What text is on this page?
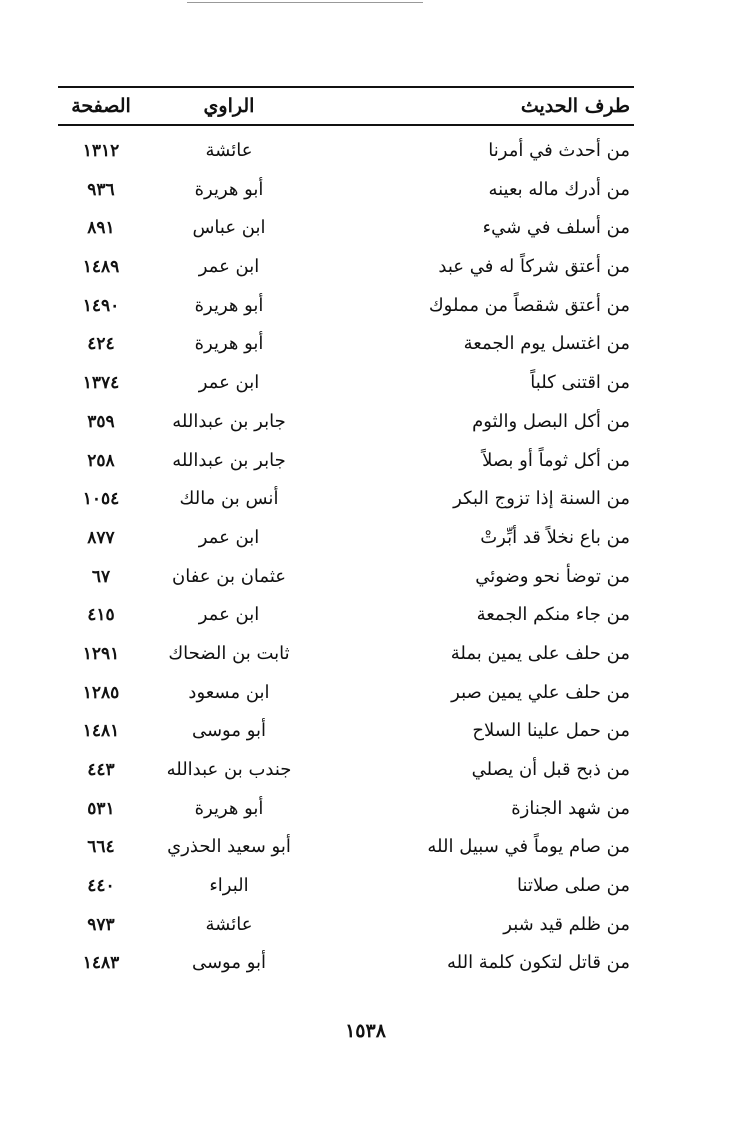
طرف الحديث
الراوي
الصفحة
من أحدث في أمرنا
عائشة
١٣١٢
من أدرك ماله بعينه
أبو هريرة
٩٣٦
من أسلف في شيء
ابن عباس
٨٩١
من أعتق شركاً له في عبد
ابن عمر
١٤٨٩
من أعتق شقصاً من مملوك
أبو هريرة
١٤٩٠
من اغتسل يوم الجمعة
أبو هريرة
٤٢٤
من اقتنى كلباً
ابن عمر
١٣٧٤
من أكل البصل والثوم
جابر بن عبدالله
٣٥٩
من أكل ثوماً أو بصلاً
جابر بن عبدالله
٢٥٨
من السنة إذا تزوج البكر
أنس بن مالك
١٠٥٤
من باع نخلاً قد أبِّرتْ
ابن عمر
٨٧٧
من توضأ نحو وضوئي
عثمان بن عفان
٦٧
من جاء منكم الجمعة
ابن عمر
٤١٥
من حلف على يمين بملة
ثابت بن الضحاك
١٢٩١
من حلف علي يمين صبر
ابن مسعود
١٢٨٥
من حمل علينا السلاح
أبو موسى
١٤٨١
من ذبح قبل أن يصلي
جندب بن عبدالله
٤٤٣
من شهد الجنازة
أبو هريرة
٥٣١
من صام يوماً في سبيل الله
أبو سعيد الحذري
٦٦٤
من صلى صلاتنا
البراء
٤٤٠
من ظلم قيد شبر
عائشة
٩٧٣
من قاتل لتكون كلمة الله
أبو موسى
١٤٨٣
١٥٣٨
